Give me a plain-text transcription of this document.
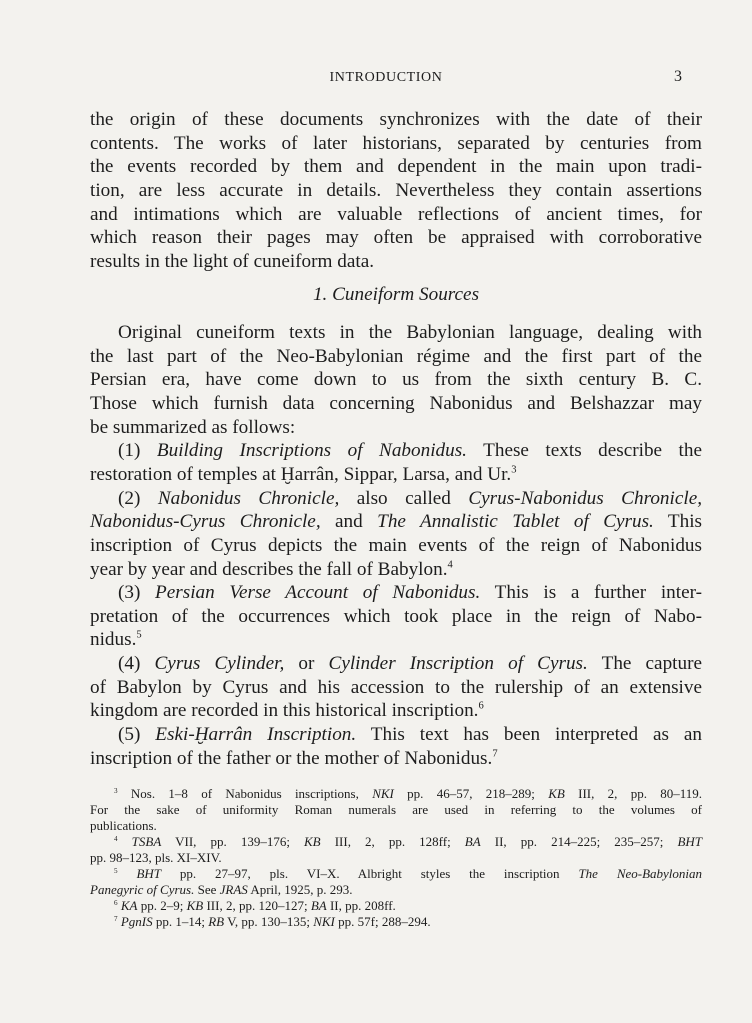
INTRODUCTION	3
the origin of these documents synchronizes with the date of their
contents. The works of later historians, separated by centuries from
the events recorded by them and dependent in the main upon tradi-
tion, are less accurate in details. Nevertheless they contain assertions
and intimations which are valuable reflections of ancient times, for
which reason their pages may often be appraised with corroborative
results in the light of cuneiform data.
1. Cuneiform Sources
Original cuneiform texts in the Babylonian language, dealing with
the last part of the Neo-Babylonian régime and the first part of the
Persian era, have come down to us from the sixth century B. C.
Those which furnish data concerning Nabonidus and Belshazzar may
be summarized as follows:
(1) Building Inscriptions of Nabonidus. These texts describe the
restoration of temples at Ḫarrân, Sippar, Larsa, and Ur.$^3$
(2) Nabonidus Chronicle, also called Cyrus-Nabonidus Chronicle,
Nabonidus-Cyrus Chronicle, and The Annalistic Tablet of Cyrus. This
inscription of Cyrus depicts the main events of the reign of Nabonidus
year by year and describes the fall of Babylon.$^4$
(3) Persian Verse Account of Nabonidus. This is a further inter-
pretation of the occurrences which took place in the reign of Nabo-
nidus.$^5$
(4) Cyrus Cylinder, or Cylinder Inscription of Cyrus. The capture
of Babylon by Cyrus and his accession to the rulership of an extensive
kingdom are recorded in this historical inscription.$^6$
(5) Eski-Ḫarrân Inscription. This text has been interpreted as an
inscription of the father or the mother of Nabonidus.$^7$
$^3$ Nos. 1–8 of Nabonidus inscriptions, NKI pp. 46–57, 218–289; KB III, 2, pp. 80–119.
For the sake of uniformity Roman numerals are used in referring to the volumes of
publications.
$^4$ TSBA VII, pp. 139–176; KB III, 2, pp. 128ff; BA II, pp. 214–225; 235–257; BHT
pp. 98–123, pls. XI–XIV.
$^5$ BHT pp. 27–97, pls. VI–X. Albright styles the inscription The Neo-Babylonian
Panegyric of Cyrus. See JRAS April, 1925, p. 293.
$^6$ KA pp. 2–9; KB III, 2, pp. 120–127; BA II, pp. 208ff.
$^7$ PgnIS pp. 1–14; RB V, pp. 130–135; NKI pp. 57f; 288–294.
